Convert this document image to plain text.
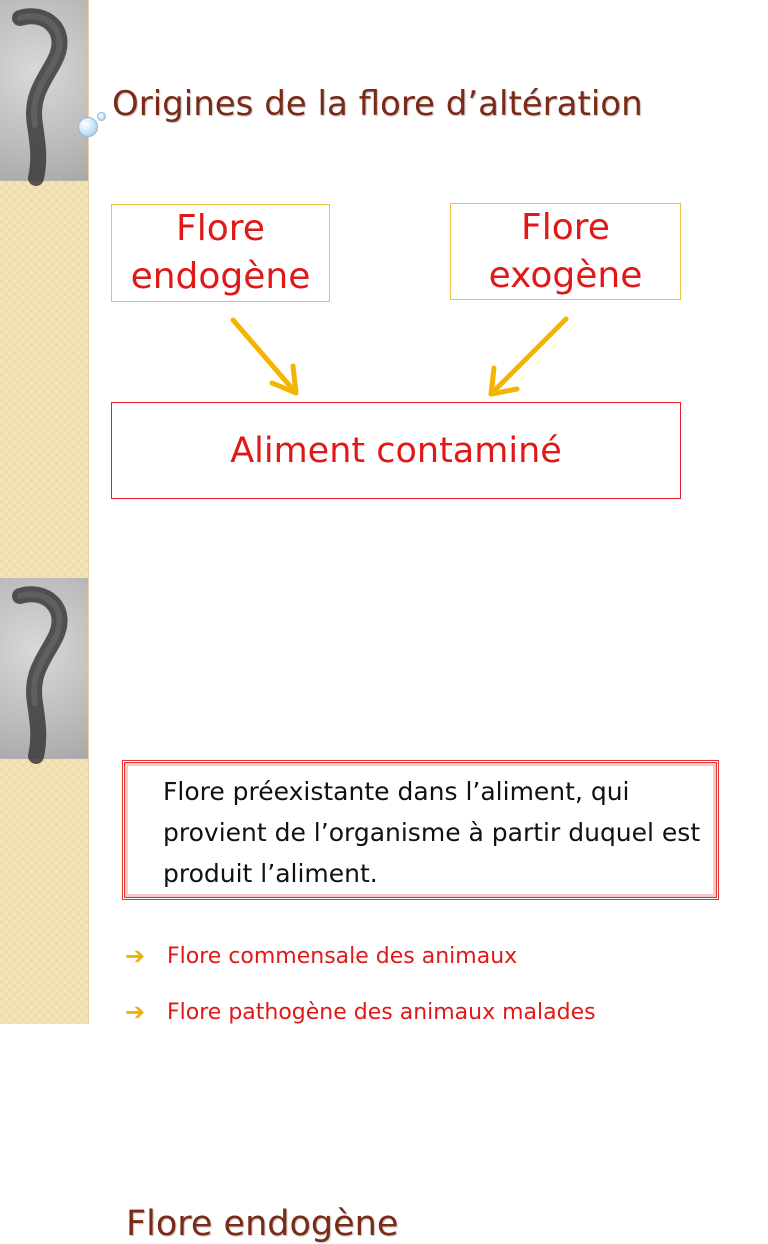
Origines de la flore d’altération
Flore
endogène
Flore
exogène
Aliment contaminé
Flore endogène
Flore préexistante dans l’aliment, qui provient de l’organisme à partir duquel est produit l’aliment.
➔ Flore commensale des animaux
➔ Flore pathogène des animaux malades
